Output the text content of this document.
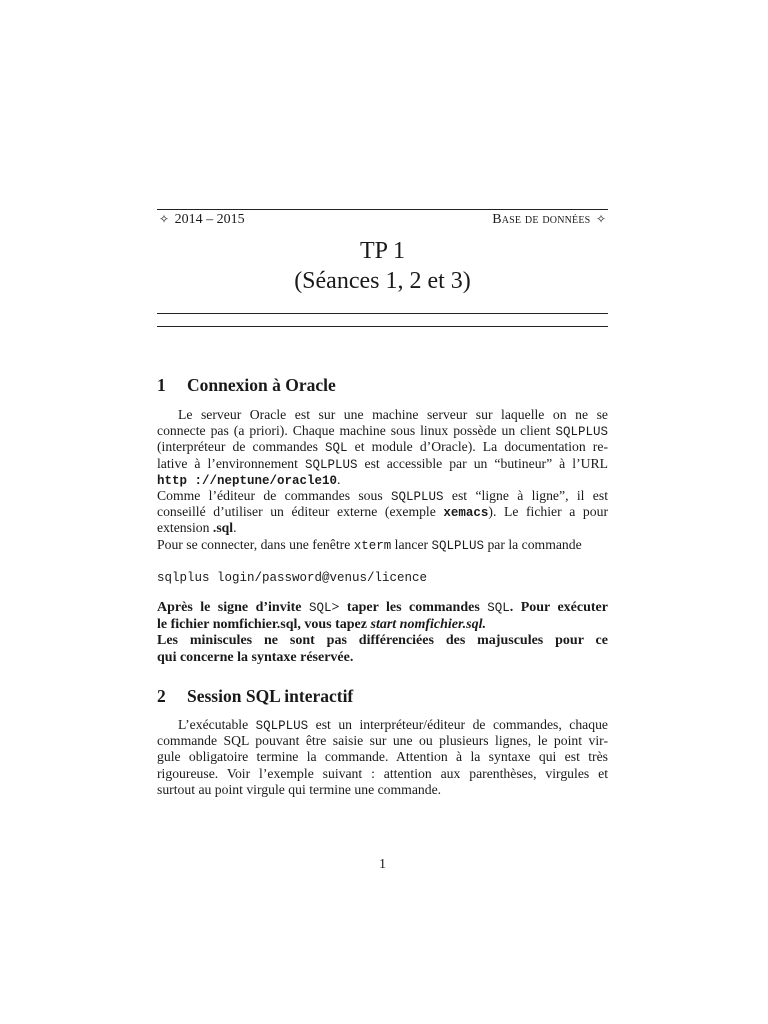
✧ 2014 – 2015	Base de données ✧
TP 1
(Séances 1, 2 et 3)
1 Connexion à Oracle
Le serveur Oracle est sur une machine serveur sur laquelle on ne se
connecte pas (a priori). Chaque machine sous linux possède un client SQLPLUS
(interpréteur de commandes SQL et module d’Oracle). La documentation re-
lative à l’environnement SQLPLUS est accessible par un “butineur” à l’URL
http ://neptune/oracle10.
Comme l’éditeur de commandes sous SQLPLUS est “ligne à ligne”, il est
conseillé d’utiliser un éditeur externe (exemple xemacs). Le fichier a pour
extension .sql.
Pour se connecter, dans une fenêtre xterm lancer SQLPLUS par la commande
sqlplus login/password@venus/licence
Après le signe d’invite SQL> taper les commandes SQL. Pour exécuter
le fichier nomfichier.sql, vous tapez start nomfichier.sql.
Les miniscules ne sont pas différenciées des majuscules pour ce
qui concerne la syntaxe réservée.
2 Session SQL interactif
L’exécutable SQLPLUS est un interpréteur/éditeur de commandes, chaque
commande SQL pouvant être saisie sur une ou plusieurs lignes, le point vir-
gule obligatoire termine la commande. Attention à la syntaxe qui est très
rigoureuse. Voir l’exemple suivant : attention aux parenthèses, virgules et
surtout au point virgule qui termine une commande.
1
